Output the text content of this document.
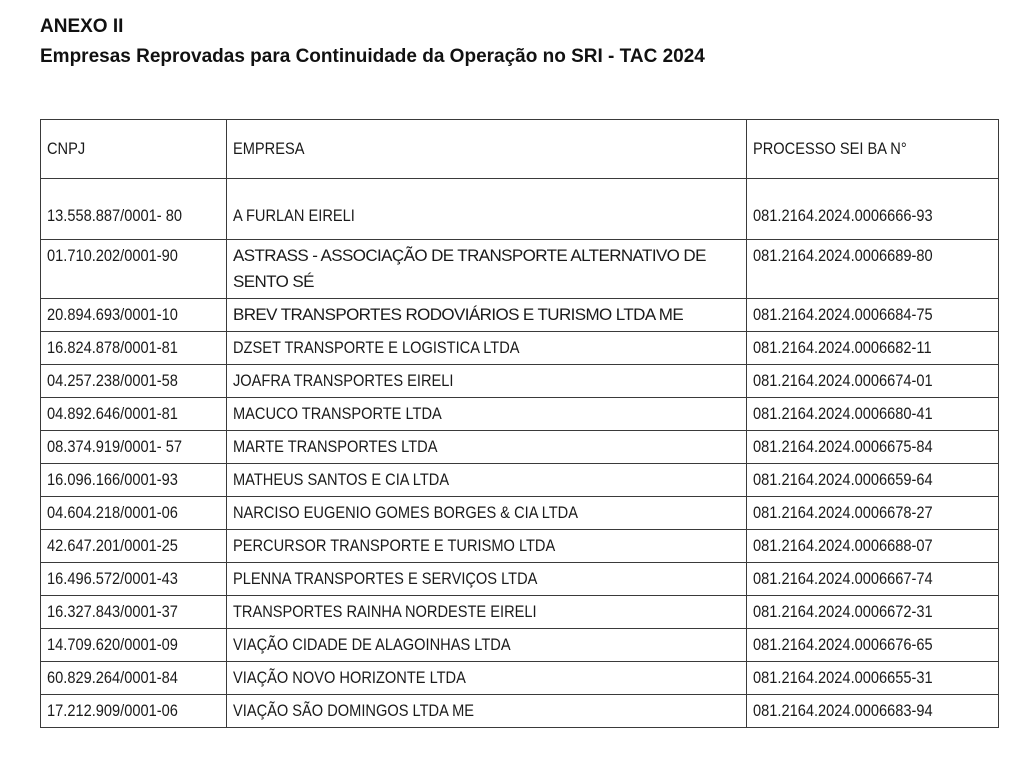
ANEXO II
Empresas Reprovadas para Continuidade da Operação no SRI - TAC 2024
CNPJ	EMPRESA	PROCESSO SEI BA N°
13.558.887/0001- 80	A FURLAN EIRELI	081.2164.2024.0006666-93
01.710.202/0001-90	ASTRASS - ASSOCIAÇÃO DE TRANSPORTE ALTERNATIVO DE SENTO SÉ	081.2164.2024.0006689-80
20.894.693/0001-10	BREV TRANSPORTES RODOVIÁRIOS E TURISMO LTDA ME	081.2164.2024.0006684-75
16.824.878/0001-81	DZSET TRANSPORTE E LOGISTICA LTDA	081.2164.2024.0006682-11
04.257.238/0001-58	JOAFRA TRANSPORTES EIRELI	081.2164.2024.0006674-01
04.892.646/0001-81	MACUCO TRANSPORTE LTDA	081.2164.2024.0006680-41
08.374.919/0001- 57	MARTE TRANSPORTES LTDA	081.2164.2024.0006675-84
16.096.166/0001-93	MATHEUS SANTOS E CIA LTDA	081.2164.2024.0006659-64
04.604.218/0001-06	NARCISO EUGENIO GOMES BORGES & CIA LTDA	081.2164.2024.0006678-27
42.647.201/0001-25	PERCURSOR TRANSPORTE E TURISMO LTDA	081.2164.2024.0006688-07
16.496.572/0001-43	PLENNA TRANSPORTES E SERVIÇOS LTDA	081.2164.2024.0006667-74
16.327.843/0001-37	TRANSPORTES RAINHA NORDESTE EIRELI	081.2164.2024.0006672-31
14.709.620/0001-09	VIAÇÃO CIDADE DE ALAGOINHAS LTDA	081.2164.2024.0006676-65
60.829.264/0001-84	VIAÇÃO NOVO HORIZONTE LTDA	081.2164.2024.0006655-31
17.212.909/0001-06	VIAÇÃO SÃO DOMINGOS LTDA ME	081.2164.2024.0006683-94
